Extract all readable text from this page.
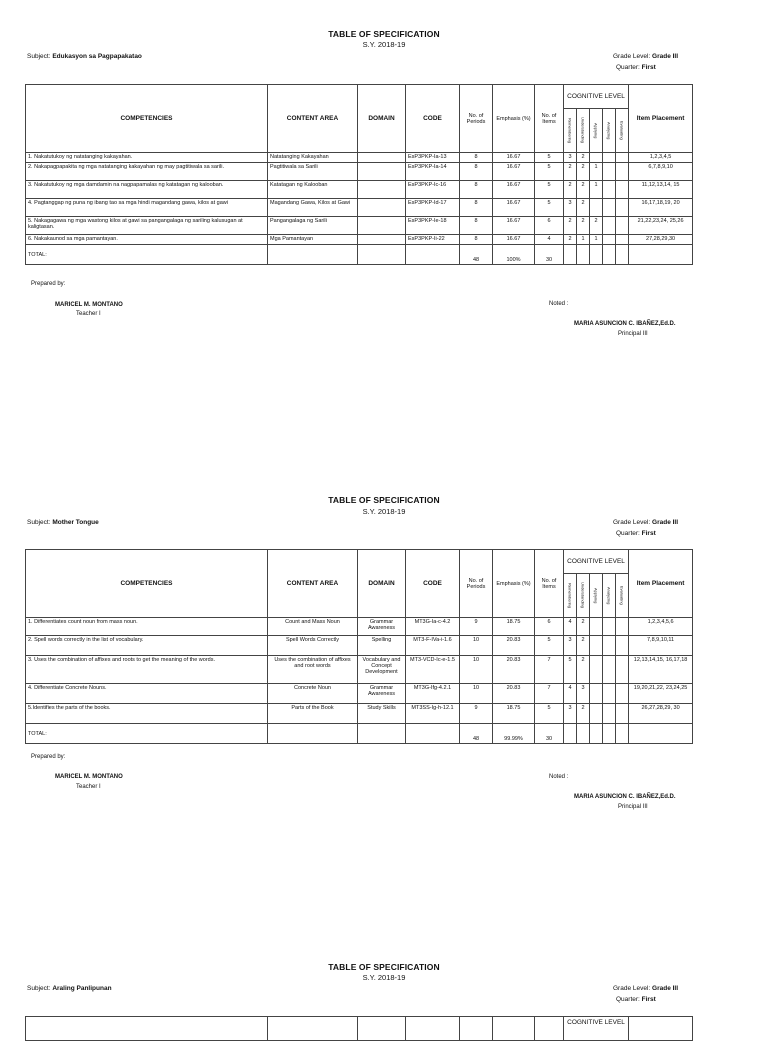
TABLE OF SPECIFICATION
S.Y. 2018-19
Subject: Edukasyon sa Pagpapakatao	Grade Level: Grade III
Quarter: First
COMPETENCIES	CONTENT AREA	DOMAIN	CODE	No. of Periods	Emphasis (%)	No. of Items	COGNITIVE LEVEL					Item Placement

							Remembering	Understanding	Applying	Analyzing	Evaluating	

1. Nakatutukoy ng natatanging kakayahan.	Natatanging Kakayahan		EsP3PKP-Ia-13	8	16.67	5	3	2				1,2,3,4,5
2. Nakapagpapakita ng mga natatanging kakayahan ng may pagtitiwala sa sarili.	Pagtitiwala sa Sarili		EsP3PKP-Ia-14	8	16.67	5	2	2	1			6,7,8,9,10
3. Nakatutukoy ng mga damdamin na nagpapamalas ng katatagan ng kalooban.	Katatagan ng Kalooban		EsP3PKP-Ic-16	8	16.67	5	2	2	1			11,12,13,14, 15
4. Pagtanggap ng puna ng ibang tao sa mga hindi magandang gawa, kilos at gawi	Magandang Gawa, Kilos at Gawi		EsP3PKP-Id-17	8	16.67	5	3	2				16,17,18,19, 20
5. Nakagagawa ng mga wastong kilos at gawi sa pangangalaga ng sariling kalusugan at kaligtasan.	Pangangalaga ng Sarili		EsP3PKP-Ie-18	8	16.67	6	2	2	2			21,22,23,24, 25,26
6. Nakakaunod sa mga pamantayan.	Mga Pamantayan		EsP3PKP-Ii-22	8	16.67	4	2	1	1			27,28,29,30
TOTAL:				48	100%	30						
Prepared by:
MARICEL M. MONTANO
Teacher I
Noted :
MARIA ASUNCION C. IBAÑEZ,Ed.D.
Principal III
TABLE OF SPECIFICATION
S.Y. 2018-19
Subject: Mother Tongue	Grade Level: Grade III
Quarter: First
COMPETENCIES	CONTENT AREA	DOMAIN	CODE	No. of Periods	Emphasis (%)	No. of Items	COGNITIVE LEVEL					Item Placement

							Remembering	Understanding	Applying	Analyzing	Evaluating	

1. Differentiates count noun from mass noun.	Count and Mass Noun	Grammar Awareness	MT3G-Ia-c-4.2	9	18.75	6	4	2				1,2,3,4,5,6
2. Spell words correctly in the list of vocabulary.	Spell Words Correctly	Spelling	MT3-F-IVa-i-1.6	10	20.83	5	3	2				7,8,9,10,11
3. Uses the combination of affixes and roots to get the meaning of the words.	Uses the combination of affixes and root words	Vocabulary and Concept Development	MT3-VCD-Ic-e-1.5	10	20.83	7	5	2				12,13,14,15, 16,17,18
4. Differentiate Concrete Nouns.	Concrete Noun	Grammar Awareness	MT3G-Ifg-4.2.1	10	20.83	7	4	3				19,20,21,22, 23,24,25
5.Identifies the parts of the books.	Parts of the Book	Study Skills	MT3SS-Ig-h-12.1	9	18.75	5	3	2				26,27,28,29, 30
TOTAL:				48	99.99%	30						
Prepared by:
MARICEL M. MONTANO
Teacher I
Noted :
MARIA ASUNCION C. IBAÑEZ,Ed.D.
Principal III
TABLE OF SPECIFICATION
S.Y. 2018-19
Subject: Araling Panlipunan	Grade Level: Grade III
Quarter: First
							COGNITIVE LEVEL	
